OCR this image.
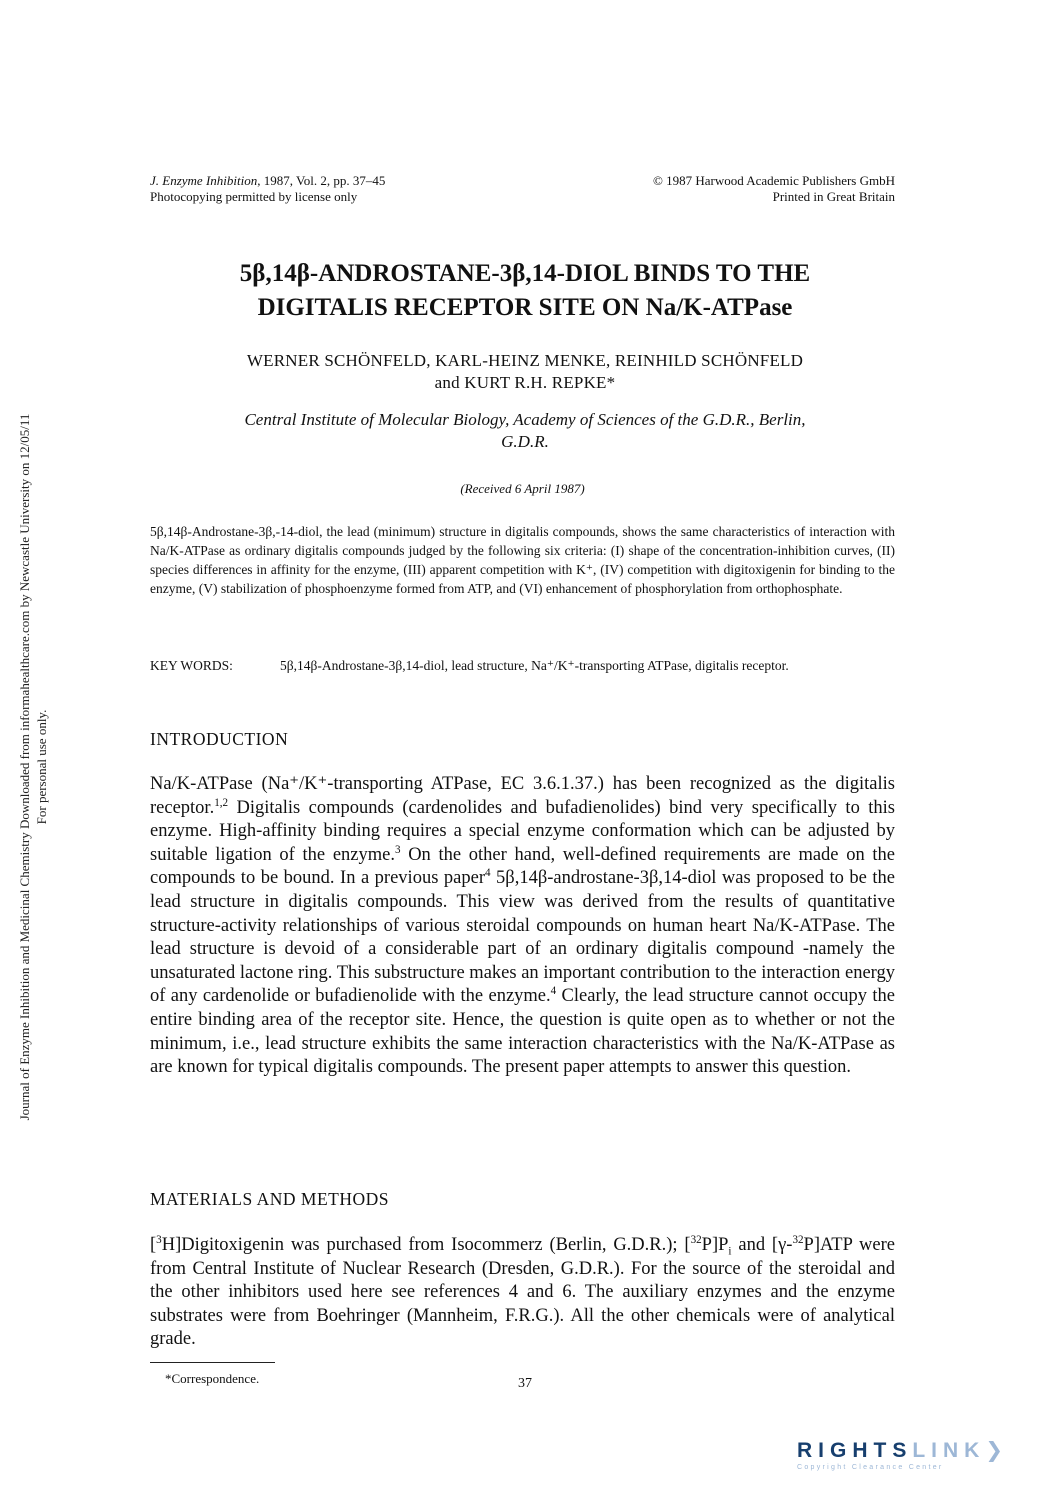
J. Enzyme Inhibition, 1987, Vol. 2, pp. 37–45
Photocopying permitted by license only
© 1987 Harwood Academic Publishers GmbH
Printed in Great Britain
Journal of Enzyme Inhibition and Medicinal Chemistry Downloaded from informahealthcare.com by Newcastle University on 12/05/11 For personal use only.
5β,14β-ANDROSTANE-3β,14-DIOL BINDS TO THE
DIGITALIS RECEPTOR SITE ON Na/K-ATPase
WERNER SCHÖNFELD, KARL-HEINZ MENKE, REINHILD SCHÖNFELD
and KURT R.H. REPKE*
Central Institute of Molecular Biology, Academy of Sciences of the G.D.R., Berlin,
G.D.R.
(Received 6 April 1987)
5β,14β-Androstane-3β,-14-diol, the lead (minimum) structure in digitalis compounds, shows the same characteristics of interaction with Na/K-ATPase as ordinary digitalis compounds judged by the following six criteria: (I) shape of the concentration-inhibition curves, (II) species differences in affinity for the enzyme, (III) apparent competition with K⁺, (IV) competition with digitoxigenin for binding to the enzyme, (V) stabilization of phosphoenzyme formed from ATP, and (VI) enhancement of phosphorylation from orthophosphate.
KEY WORDS:	5β,14β-Androstane-3β,14-diol, lead structure, Na⁺/K⁺-transporting ATPase, digitalis receptor.
INTRODUCTION
Na/K-ATPase (Na⁺/K⁺-transporting ATPase, EC 3.6.1.37.) has been recognized as the digitalis receptor.$^{1,2}$ Digitalis compounds (cardenolides and bufadienolides) bind very specifically to this enzyme. High-affinity binding requires a special enzyme conformation which can be adjusted by suitable ligation of the enzyme.$^3$ On the other hand, well-defined requirements are made on the compounds to be bound. In a previous paper$^4$ 5β,14β-androstane-3β,14-diol was proposed to be the lead structure in digitalis compounds. This view was derived from the results of quantitative structure-activity relationships of various steroidal compounds on human heart Na/K-ATPase. The lead structure is devoid of a considerable part of an ordinary digitalis compound -namely the unsaturated lactone ring. This substructure makes an important contribution to the interaction energy of any cardenolide or bufadienolide with the enzyme.$^4$ Clearly, the lead structure cannot occupy the entire binding area of the receptor site. Hence, the question is quite open as to whether or not the minimum, i.e., lead structure exhibits the same interaction characteristics with the Na/K-ATPase as are known for typical digitalis compounds. The present paper attempts to answer this question.
MATERIALS AND METHODS
[$^3$H]Digitoxigenin was purchased from Isocommerz (Berlin, G.D.R.); $[^{32}P]P_i$ and [γ-$^{32}$P]ATP were from Central Institute of Nuclear Research (Dresden, G.D.R.). For the source of the steroidal and the other inhibitors used here see references 4 and 6. The auxiliary enzymes and the enzyme substrates were from Boehringer (Mannheim, F.R.G.). All the other chemicals were of analytical grade.
*Correspondence.	37
RIGHTSLINK❯
Copyright Clearance Center
